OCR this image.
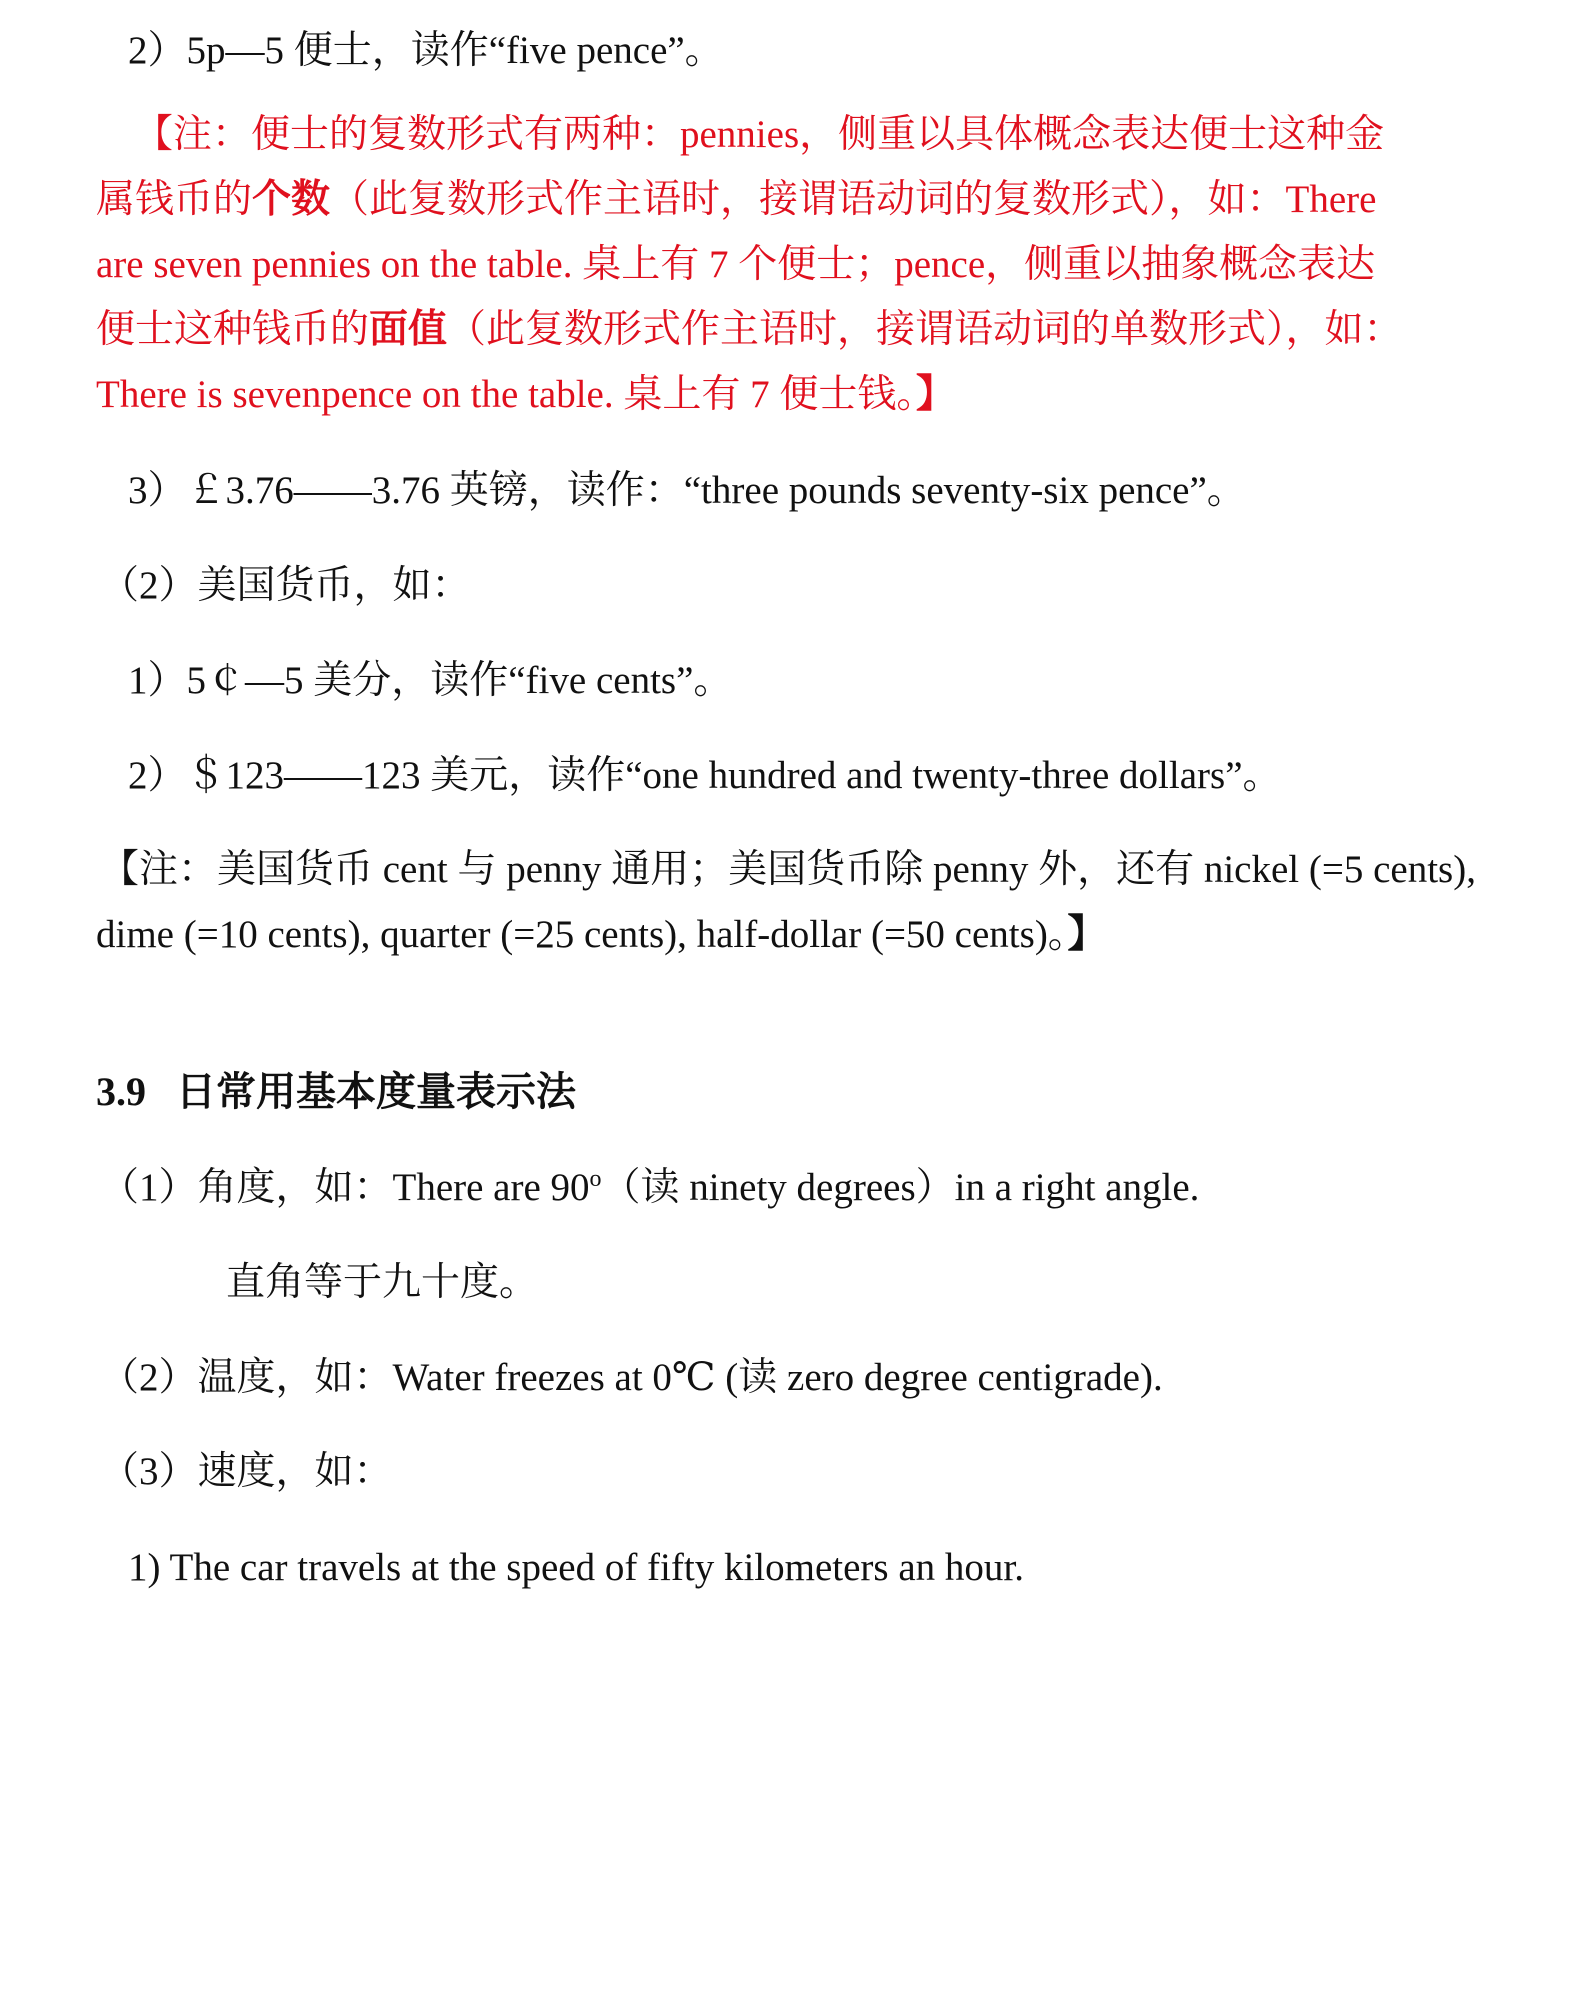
2）5p—5 便士，读作“five pence”。

【注：便士的复数形式有两种：pennies，侧重以具体概念表达便士这种金

属钱币的个数（此复数形式作主语时，接谓语动词的复数形式），如：There

are seven pennies on the table. 桌上有 7 个便士；pence，侧重以抽象概念表达

便士这种钱币的面值（此复数形式作主语时，接谓语动词的单数形式），如：

There is sevenpence on the table. 桌上有 7 便士钱。】

3）￡3.76——3.76 英镑，读作：“three pounds seventy-six pence”。

（2）美国货币，如：

1）5￠—5 美分，读作“five cents”。

2）＄123——123 美元，读作“one hundred and twenty-three dollars”。

【注：美国货币 cent 与 penny 通用；美国货币除 penny 外，还有 nickel (=5 cents),

dime (=10 cents), quarter (=25 cents), half-dollar (=50 cents)。】

3.9 日常用基本度量表示法

（1）角度，如：There are 90$^o$（读 ninety degrees）in a right angle.

直角等于九十度。

（2）温度，如：Water freezes at 0℃ (读 zero degree centigrade).

（3）速度，如：

1) The car travels at the speed of fifty kilometers an hour.
